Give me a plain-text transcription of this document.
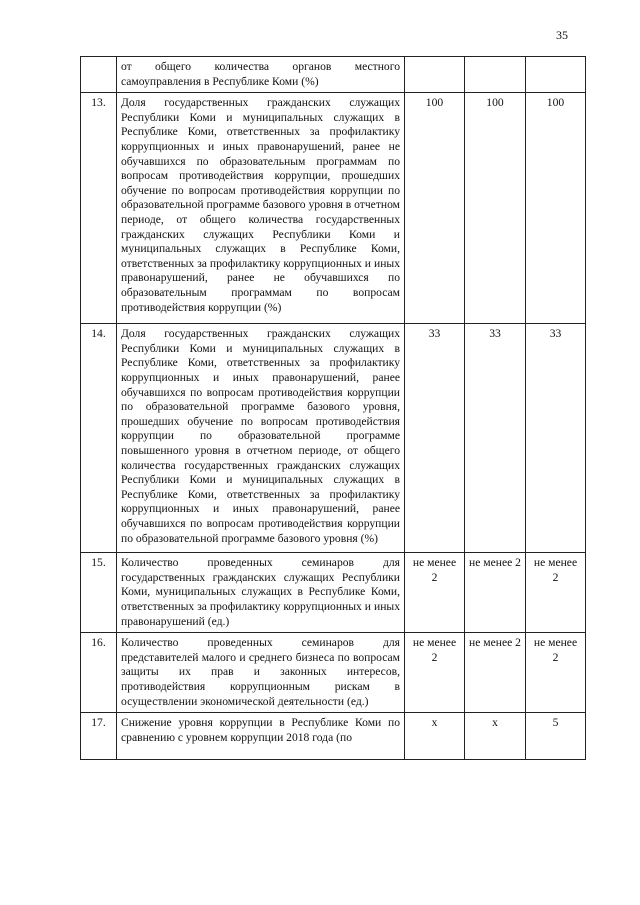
35
	от общего количества органов местного самоуправления в Республике Коми (%)			
13.	Доля государственных гражданских служащих Республики Коми и муниципальных служащих в Республике Коми, ответственных за профилактику коррупционных и иных правонарушений, ранее не обучавшихся по образовательным программам по вопросам противодействия коррупции, прошедших обучение по вопросам противодействия коррупции по образовательной программе базового уровня в отчетном периоде, от общего количества государственных гражданских служащих Республики Коми и муниципальных служащих в Республике Коми, ответственных за профилактику коррупционных и иных правонарушений, ранее не обучавшихся по образовательным программам по вопросам противодействия коррупции (%)	100	100	100
14.	Доля государственных гражданских служащих Республики Коми и муниципальных служащих в Республике Коми, ответственных за профилактику коррупционных и иных правонарушений, ранее обучавшихся по вопросам противодействия коррупции по образовательной программе базового уровня, прошедших обучение по вопросам противодействия коррупции по образовательной программе повышенного уровня в отчетном периоде, от общего количества государственных гражданских служащих Республики Коми и муниципальных служащих в Республике Коми, ответственных за профилактику коррупционных и иных правонарушений, ранее обучавшихся по вопросам противодействия коррупции по образовательной программе базового уровня (%)	33	33	33
15.	Количество проведенных семинаров для государственных гражданских служащих Республики Коми, муниципальных служащих в Республике Коми, ответственных за профилактику коррупционных и иных правонарушений (ед.)	не менее 2	не менее 2	не менее 2
16.	Количество проведенных семинаров для представителей малого и среднего бизнеса по вопросам защиты их прав и законных интересов, противодействия коррупционным рискам в осуществлении экономической деятельности (ед.)	не менее 2	не менее 2	не менее 2
17.	Снижение уровня коррупции в Республике Коми по сравнению с уровнем коррупции 2018 года (по	х	х	5
